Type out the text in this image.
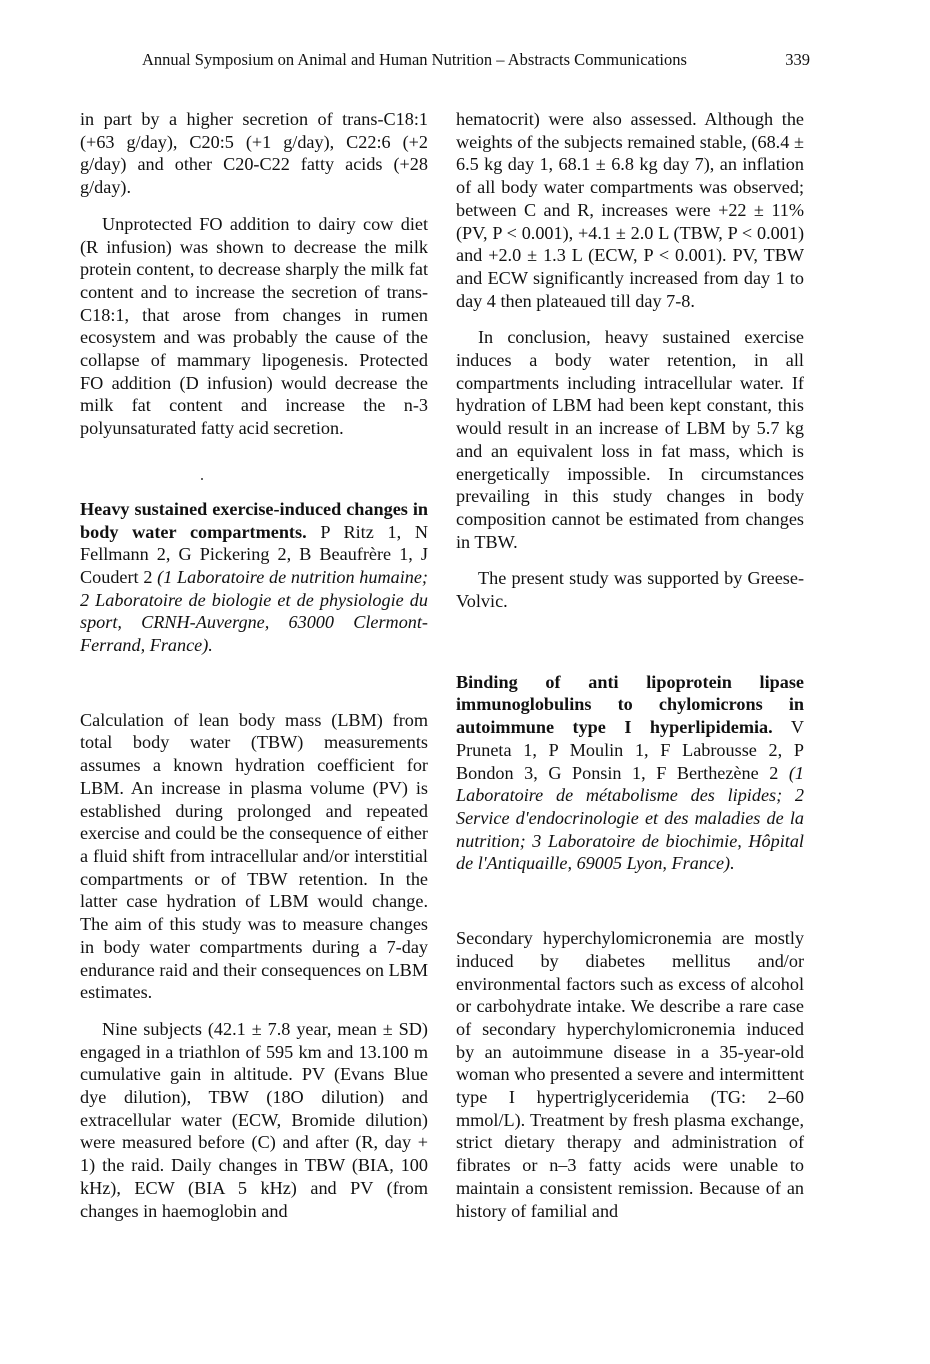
Annual Symposium on Animal and Human Nutrition – Abstracts Communications	339

in part by a higher secretion of trans-C18:1 (+63 g/day), C20:5 (+1 g/day), C22:6 (+2 g/day) and other C20-C22 fatty acids (+28 g/day).

Unprotected FO addition to dairy cow diet (R infusion) was shown to decrease the milk protein content, to decrease sharply the milk fat content and to increase the secretion of trans-C18:1, that arose from changes in rumen ecosystem and was probably the cause of the collapse of mammary lipogenesis. Protected FO addition (D infusion) would decrease the milk fat content and increase the n-3 polyunsaturated fatty acid secretion.

Heavy sustained exercise-induced changes in body water compartments. P Ritz 1, N Fellmann 2, G Pickering 2, B Beaufrère 1, J Coudert 2 (1 Laboratoire de nutrition humaine; 2 Laboratoire de biologie et de physiologie du sport, CRNH-Auvergne, 63000 Clermont-Ferrand, France).

Calculation of lean body mass (LBM) from total body water (TBW) measurements assumes a known hydration coefficient for LBM. An increase in plasma volume (PV) is established during prolonged and repeated exercise and could be the consequence of either a fluid shift from intracellular and/or interstitial compartments or of TBW retention. In the latter case hydration of LBM would change. The aim of this study was to measure changes in body water compartments during a 7-day endurance raid and their consequences on LBM estimates.

Nine subjects (42.1 ± 7.8 year, mean ± SD) engaged in a triathlon of 595 km and 13.100 m cumulative gain in altitude. PV (Evans Blue dye dilution), TBW (18O dilution) and extracellular water (ECW, Bromide dilution) were measured before (C) and after (R, day + 1) the raid. Daily changes in TBW (BIA, 100 kHz), ECW (BIA 5 kHz) and PV (from changes in haemoglobin and

hematocrit) were also assessed. Although the weights of the subjects remained stable, (68.4 ± 6.5 kg day 1, 68.1 ± 6.8 kg day 7), an inflation of all body water compartments was observed; between C and R, increases were +22 ± 11% (PV, P < 0.001), +4.1 ± 2.0 L (TBW, P < 0.001) and +2.0 ± 1.3 L (ECW, P < 0.001). PV, TBW and ECW significantly increased from day 1 to day 4 then plateaued till day 7-8.

In conclusion, heavy sustained exercise induces a body water retention, in all compartments including intracellular water. If hydration of LBM had been kept constant, this would result in an increase of LBM by 5.7 kg and an equivalent loss in fat mass, which is energetically impossible. In circumstances prevailing in this study changes in body composition cannot be estimated from changes in TBW.

The present study was supported by Greese-Volvic.

Binding of anti lipoprotein lipase immunoglobulins to chylomicrons in autoimmune type I hyperlipidemia. V Pruneta 1, P Moulin 1, F Labrousse 2, P Bondon 3, G Ponsin 1, F Berthezène 2 (1 Laboratoire de métabolisme des lipides; 2 Service d'endocrinologie et des maladies de la nutrition; 3 Laboratoire de biochimie, Hôpital de l'Antiquaille, 69005 Lyon, France).

Secondary hyperchylomicronemia are mostly induced by diabetes mellitus and/or environmental factors such as excess of alcohol or carbohydrate intake. We describe a rare case of secondary hyperchylomicronemia induced by an autoimmune disease in a 35-year-old woman who presented a severe and intermittent type I hypertriglyceridemia (TG: 2–60 mmol/L). Treatment by fresh plasma exchange, strict dietary therapy and administration of fibrates or n–3 fatty acids were unable to maintain a consistent remission. Because of an history of familial and
